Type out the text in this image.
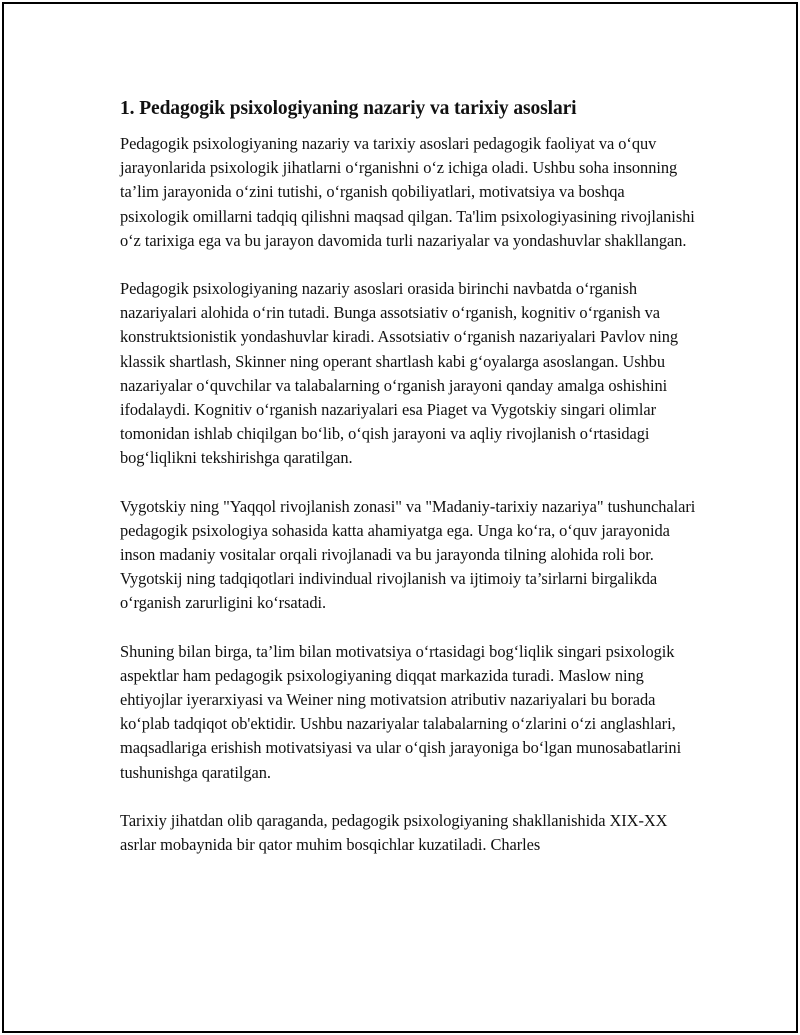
1. Pedagogik psixologiyaning nazariy va tarixiy asoslari

Pedagogik psixologiyaning nazariy va tarixiy asoslari pedagogik faoliyat va o‘quv jarayonlarida psixologik jihatlarni o‘rganishni o‘z ichiga oladi. Ushbu soha insonning ta’lim jarayonida o‘zini tutishi, o‘rganish qobiliyatlari, motivatsiya va boshqa psixologik omillarni tadqiq qilishni maqsad qilgan. Ta'lim psixologiyasining rivojlanishi o‘z tarixiga ega va bu jarayon davomida turli nazariyalar va yondashuvlar shakllangan.

Pedagogik psixologiyaning nazariy asoslari orasida birinchi navbatda o‘rganish nazariyalari alohida o‘rin tutadi. Bunga assotsiativ o‘rganish, kognitiv o‘rganish va konstruktsionistik yondashuvlar kiradi. Assotsiativ o‘rganish nazariyalari Pavlov ning klassik shartlash, Skinner ning operant shartlash kabi g‘oyalarga asoslangan. Ushbu nazariyalar o‘quvchilar va talabalarning o‘rganish jarayoni qanday amalga oshishini ifodalaydi. Kognitiv o‘rganish nazariyalari esa Piaget va Vygotskiy singari olimlar tomonidan ishlab chiqilgan bo‘lib, o‘qish jarayoni va aqliy rivojlanish o‘rtasidagi bog‘liqlikni tekshirishga qaratilgan.

Vygotskiy ning "Yaqqol rivojlanish zonasi" va "Madaniy-tarixiy nazariya" tushunchalari pedagogik psixologiya sohasida katta ahamiyatga ega. Unga ko‘ra, o‘quv jarayonida inson madaniy vositalar orqali rivojlanadi va bu jarayonda tilning alohida roli bor. Vygotskij ning tadqiqotlari indivindual rivojlanish va ijtimoiy ta’sirlarni birgalikda o‘rganish zarurligini ko‘rsatadi.

Shuning bilan birga, ta’lim bilan motivatsiya o‘rtasidagi bog‘liqlik singari psixologik aspektlar ham pedagogik psixologiyaning diqqat markazida turadi. Maslow ning ehtiyojlar iyerarxiyasi va Weiner ning motivatsion atributiv nazariyalari bu borada ko‘plab tadqiqot ob'ektidir. Ushbu nazariyalar talabalarning o‘zlarini o‘zi anglashlari, maqsadlariga erishish motivatsiyasi va ular o‘qish jarayoniga bo‘lgan munosabatlarini tushunishga qaratilgan.

Tarixiy jihatdan olib qaraganda, pedagogik psixologiyaning shakllanishida XIX-XX asrlar mobaynida bir qator muhim bosqichlar kuzatiladi. Charles
